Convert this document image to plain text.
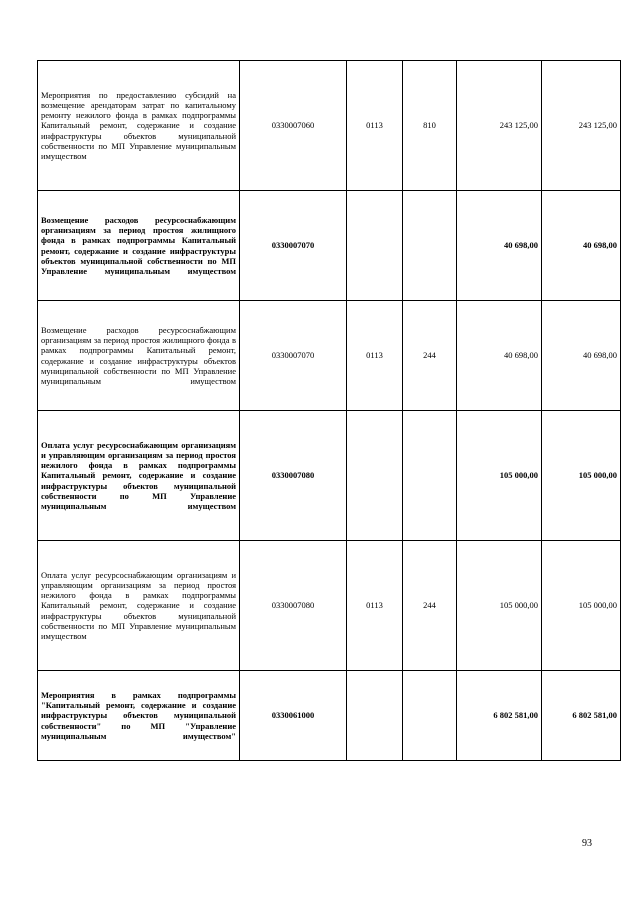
Мероприятия по предоставлению субсидий на возмещение арендаторам затрат по капитальному ремонту нежилого фонда в рамках подпрограммы Капитальный ремонт, содержание и создание инфраструктуры объектов муниципальной собственности по МП Управление муниципальным имуществом	0330007060	0113	810	243 125,00	243 125,00
Возмещение расходов ресурсоснабжающим организациям за период простоя жилищного фонда в рамках подпрограммы Капитальный ремонт, содержание и создание инфраструктуры объектов муниципальной собственности по МП Управление муниципальным имуществом	0330007070			40 698,00	40 698,00
Возмещение расходов ресурсоснабжающим организациям за период простоя жилищного фонда в рамках подпрограммы Капитальный ремонт, содержание и создание инфраструктуры объектов муниципальной собственности по МП Управление муниципальным имуществом	0330007070	0113	244	40 698,00	40 698,00
Оплата услуг ресурсоснабжающим организациям и управляющим организациям за период простоя нежилого фонда в рамках подпрограммы Капитальный ремонт, содержание и создание инфраструктуры объектов муниципальной собственности по МП Управление муниципальным имуществом	0330007080			105 000,00	105 000,00
Оплата услуг ресурсоснабжающим организациям и управляющим организациям за период простоя нежилого фонда в рамках подпрограммы Капитальный ремонт, содержание и создание инфраструктуры объектов муниципальной собственности по МП Управление муниципальным имуществом	0330007080	0113	244	105 000,00	105 000,00
Мероприятия в рамках подпрограммы "Капитальный ремонт, содержание и создание инфраструктуры объектов муниципальной собственности" по МП "Управление муниципальным имуществом"	0330061000			6 802 581,00	6 802 581,00
93
